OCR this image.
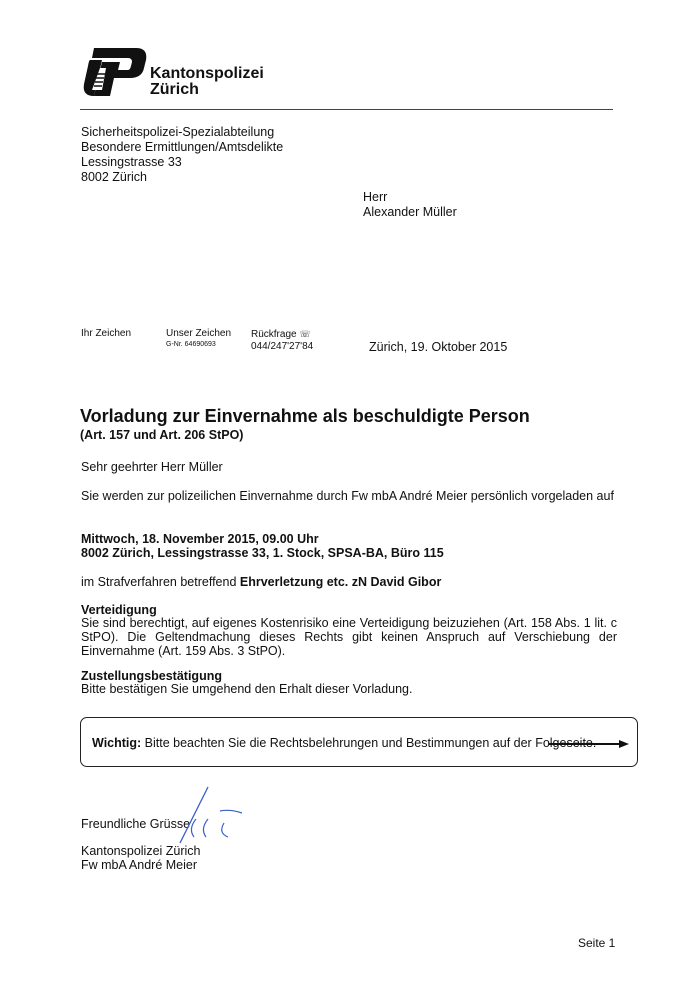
Kantonspolizei
Zürich
Sicherheitspolizei-Spezialabteilung
Besondere Ermittlungen/Amtsdelikte
Lessingstrasse 33
8002 Zürich
Herr
Alexander Müller
Ihr Zeichen	Unser Zeichen
G-Nr. 64690693
Rückfrage ☏
044/247'27'84	Zürich, 19. Oktober 2015
Vorladung zur Einvernahme als beschuldigte Person
(Art. 157 und Art. 206 StPO)
Sehr geehrter Herr Müller
Sie werden zur polizeilichen Einvernahme durch Fw mbA André Meier persönlich vorgeladen auf
Mittwoch, 18. November 2015, 09.00 Uhr
8002 Zürich, Lessingstrasse 33, 1. Stock, SPSA-BA, Büro 115
im Strafverfahren betreffend Ehrverletzung etc. zN David Gibor
Verteidigung
Sie sind berechtigt, auf eigenes Kostenrisiko eine Verteidigung beizuziehen (Art. 158 Abs. 1 lit. c StPO). Die Geltendmachung dieses Rechts gibt keinen Anspruch auf Verschiebung der Einvernahme (Art. 159 Abs. 3 StPO).
Zustellungsbestätigung
Bitte bestätigen Sie umgehend den Erhalt dieser Vorladung.
Wichtig: Bitte beachten Sie die Rechtsbelehrungen und Bestimmungen auf der Folgeseite.
Freundliche Grüsse
Kantonspolizei Zürich
Fw mbA André Meier
Seite 1
